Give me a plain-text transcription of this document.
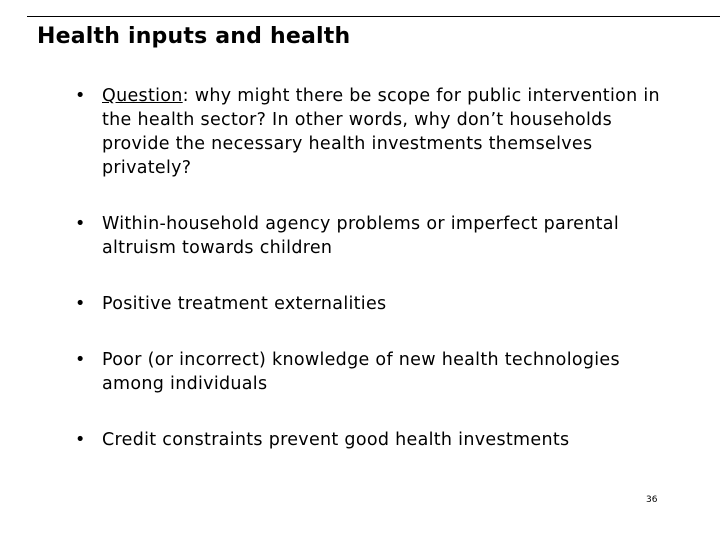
Health inputs and health
• Question: why might there be scope for public intervention in the health sector? In other words, why don’t households provide the necessary health investments themselves privately?
• Within-household agency problems or imperfect parental altruism towards children
• Positive treatment externalities
• Poor (or incorrect) knowledge of new health technologies among individuals
• Credit constraints prevent good health investments
36
